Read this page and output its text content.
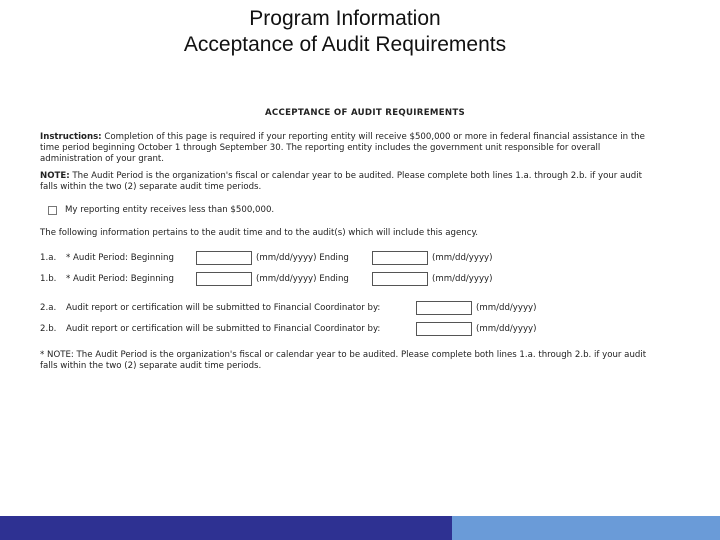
Program Information
Acceptance of Audit Requirements
ACCEPTANCE OF AUDIT REQUIREMENTS

Instructions: Completion of this page is required if your reporting entity will receive $500,000 or more in federal financial assistance in the time period beginning October 1 through September 30. The reporting entity includes the government unit responsible for overall administration of your grant.

NOTE: The Audit Period is the organization's fiscal or calendar year to be audited. Please complete both lines 1.a. through 2.b. if your audit falls within the two (2) separate audit time periods.

My reporting entity receives less than $500,000.

The following information pertains to the audit time and to the audit(s) which will include this agency.

1.a.	* Audit Period: Beginning	(mm/dd/yyyy) Ending	(mm/dd/yyyy)
1.b.	* Audit Period: Beginning	(mm/dd/yyyy) Ending	(mm/dd/yyyy)
2.a.	Audit report or certification will be submitted to Financial Coordinator by:	(mm/dd/yyyy)
2.b.	Audit report or certification will be submitted to Financial Coordinator by:	(mm/dd/yyyy)

* NOTE: The Audit Period is the organization's fiscal or calendar year to be audited. Please complete both lines 1.a. through 2.b. if your audit falls within the two (2) separate audit time periods.
